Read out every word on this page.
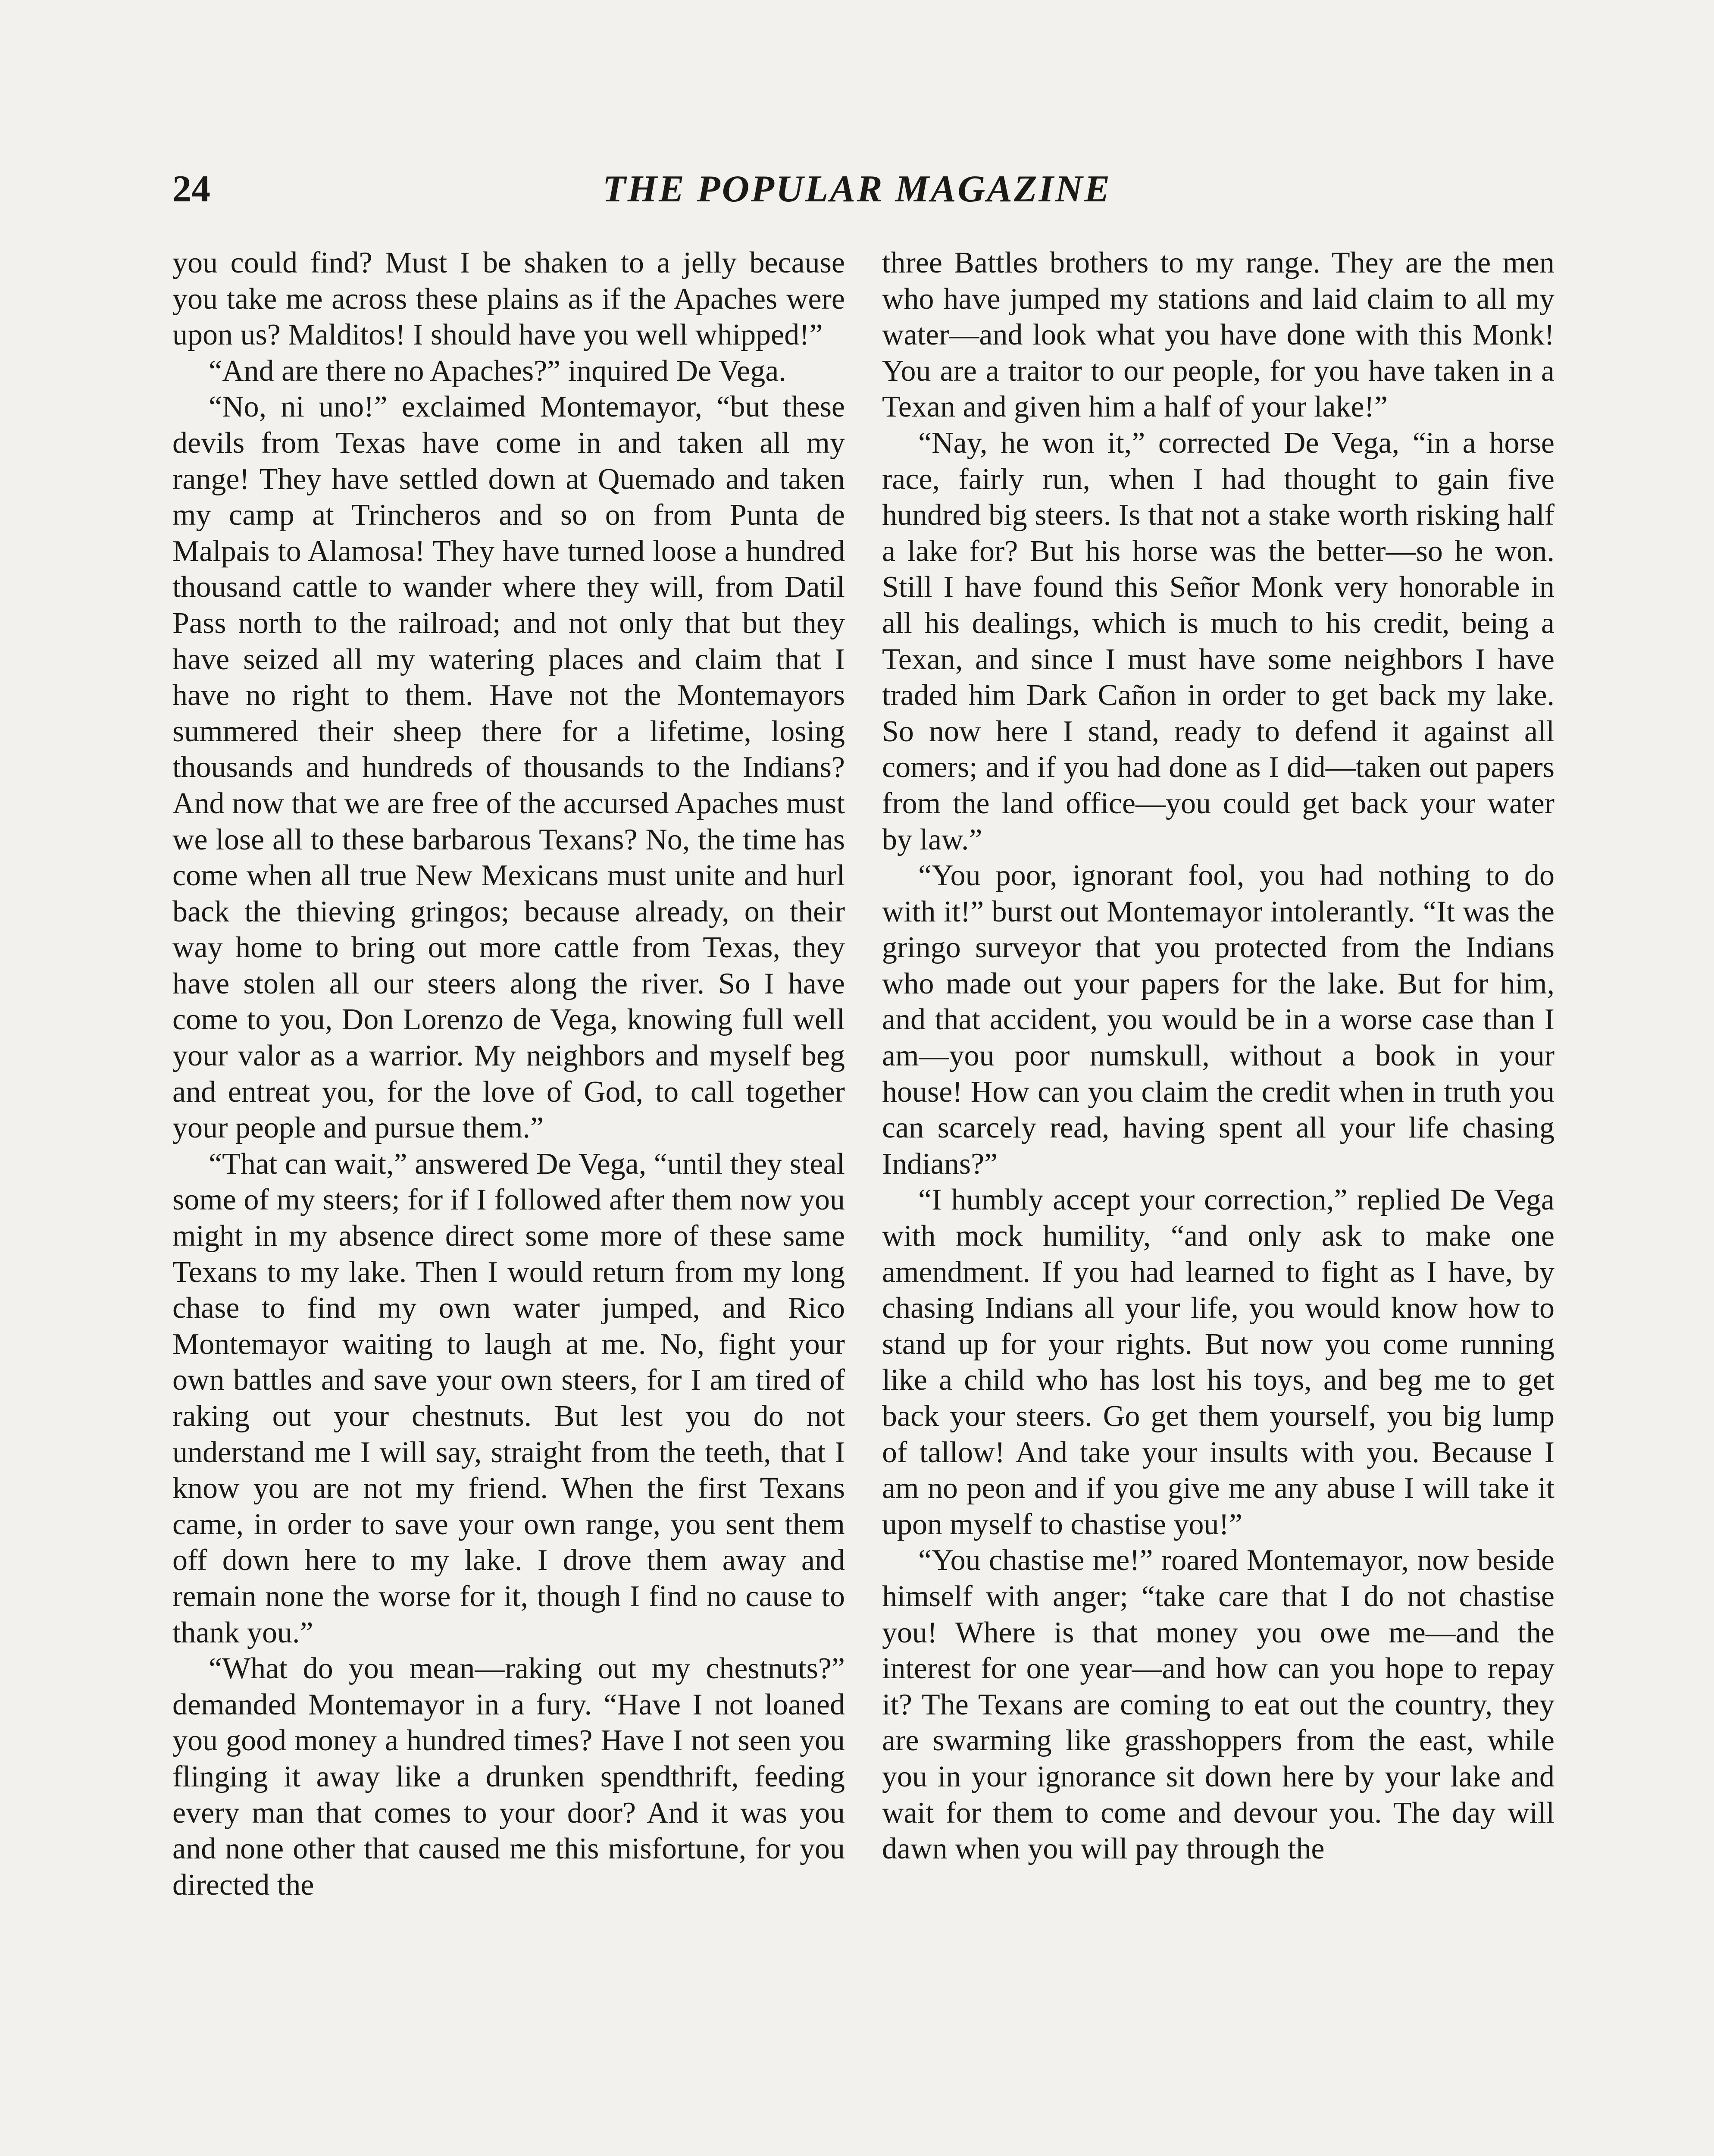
24	THE POPULAR MAGAZINE

you could find? Must I be shaken to a jelly because you take me across these plains as if the Apaches were upon us? Malditos! I should have you well whipped!”

“And are there no Apaches?” inquired De Vega.

“No, ni uno!” exclaimed Montemayor, “but these devils from Texas have come in and taken all my range! They have settled down at Quemado and taken my camp at Trincheros and so on from Punta de Malpais to Alamosa! They have turned loose a hundred thousand cattle to wander where they will, from Datil Pass north to the railroad; and not only that but they have seized all my watering places and claim that I have no right to them. Have not the Montemayors summered their sheep there for a lifetime, losing thousands and hundreds of thousands to the Indians? And now that we are free of the accursed Apaches must we lose all to these barbarous Texans? No, the time has come when all true New Mexicans must unite and hurl back the thieving gringos; because already, on their way home to bring out more cattle from Texas, they have stolen all our steers along the river. So I have come to you, Don Lorenzo de Vega, knowing full well your valor as a warrior. My neighbors and myself beg and entreat you, for the love of God, to call together your people and pursue them.”

“That can wait,” answered De Vega, “until they steal some of my steers; for if I followed after them now you might in my absence direct some more of these same Texans to my lake. Then I would return from my long chase to find my own water jumped, and Rico Montemayor waiting to laugh at me. No, fight your own battles and save your own steers, for I am tired of raking out your chestnuts. But lest you do not understand me I will say, straight from the teeth, that I know you are not my friend. When the first Texans came, in order to save your own range, you sent them off down here to my lake. I drove them away and remain none the worse for it, though I find no cause to thank you.”

“What do you mean—raking out my chestnuts?” demanded Montemayor in a fury. “Have I not loaned you good money a hundred times? Have I not seen you flinging it away like a drunken spendthrift, feeding every man that comes to your door? And it was you and none other that caused me this misfortune, for you directed the

three Battles brothers to my range. They are the men who have jumped my stations and laid claim to all my water—and look what you have done with this Monk! You are a traitor to our people, for you have taken in a Texan and given him a half of your lake!”

“Nay, he won it,” corrected De Vega, “in a horse race, fairly run, when I had thought to gain five hundred big steers. Is that not a stake worth risking half a lake for? But his horse was the better—so he won. Still I have found this Señor Monk very honorable in all his dealings, which is much to his credit, being a Texan, and since I must have some neighbors I have traded him Dark Cañon in order to get back my lake. So now here I stand, ready to defend it against all comers; and if you had done as I did—taken out papers from the land office—you could get back your water by law.”

“You poor, ignorant fool, you had nothing to do with it!” burst out Montemayor intolerantly. “It was the gringo surveyor that you protected from the Indians who made out your papers for the lake. But for him, and that accident, you would be in a worse case than I am—you poor numskull, without a book in your house! How can you claim the credit when in truth you can scarcely read, having spent all your life chasing Indians?”

“I humbly accept your correction,” replied De Vega with mock humility, “and only ask to make one amendment. If you had learned to fight as I have, by chasing Indians all your life, you would know how to stand up for your rights. But now you come running like a child who has lost his toys, and beg me to get back your steers. Go get them yourself, you big lump of tallow! And take your insults with you. Because I am no peon and if you give me any abuse I will take it upon myself to chastise you!”

“You chastise me!” roared Montemayor, now beside himself with anger; “take care that I do not chastise you! Where is that money you owe me—and the interest for one year—and how can you hope to repay it? The Texans are coming to eat out the country, they are swarming like grasshoppers from the east, while you in your ignorance sit down here by your lake and wait for them to come and devour you. The day will dawn when you will pay through the
